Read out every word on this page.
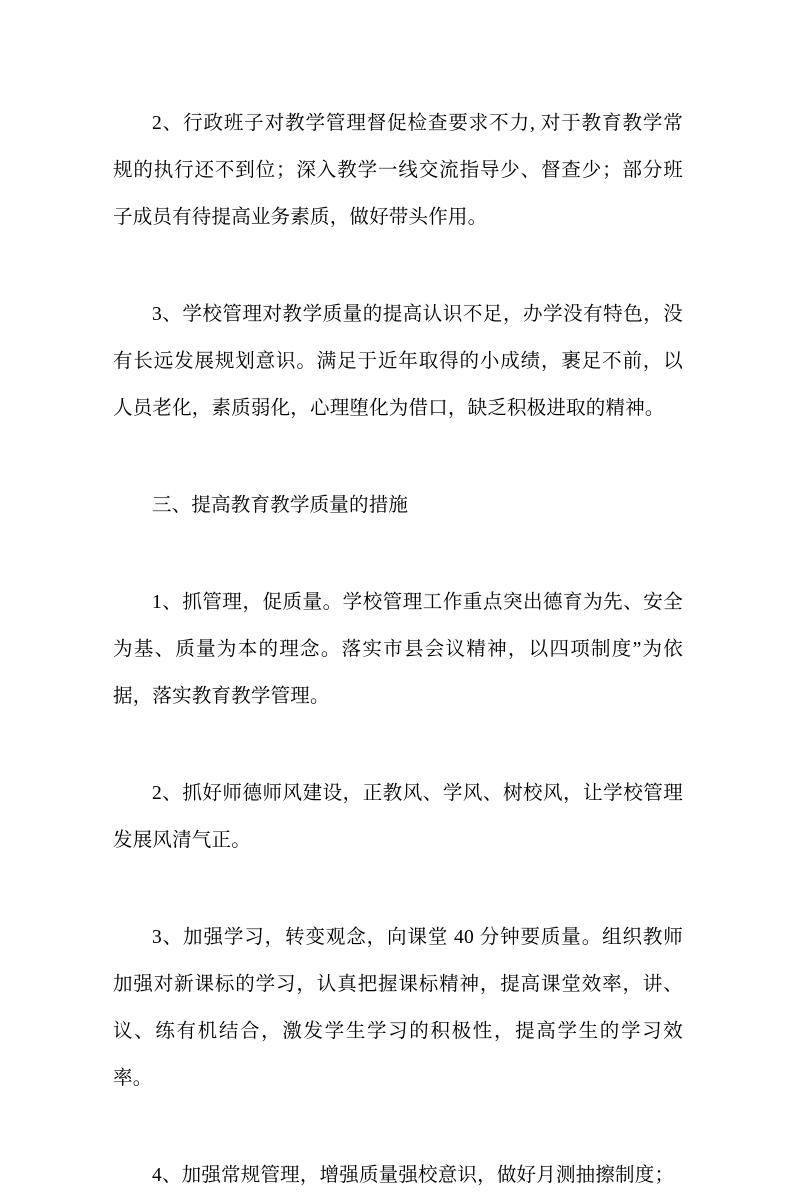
2、行政班子对教学管理督促检查要求不力, 对于教育教学常规的执行还不到位；深入教学一线交流指导少、督查少；部分班子成员有待提高业务素质，做好带头作用。

3、学校管理对教学质量的提高认识不足，办学没有特色，没有长远发展规划意识。满足于近年取得的小成绩，裹足不前，以人员老化，素质弱化，心理堕化为借口，缺乏积极进取的精神。

三、提高教育教学质量的措施

1、抓管理，促质量。学校管理工作重点突出德育为先、安全为基、质量为本的理念。落实市县会议精神，以四项制度”为依据，落实教育教学管理。

2、抓好师德师风建设，正教风、学风、树校风，让学校管理发展风清气正。

3、加强学习，转变观念，向课堂 40 分钟要质量。组织教师加强对新课标的学习，认真把握课标精神，提高课堂效率，讲、议、练有机结合，激发学生学习的积极性，提高学生的学习效率。

4、加强常规管理，增强质量强校意识，做好月测抽擦制度；
